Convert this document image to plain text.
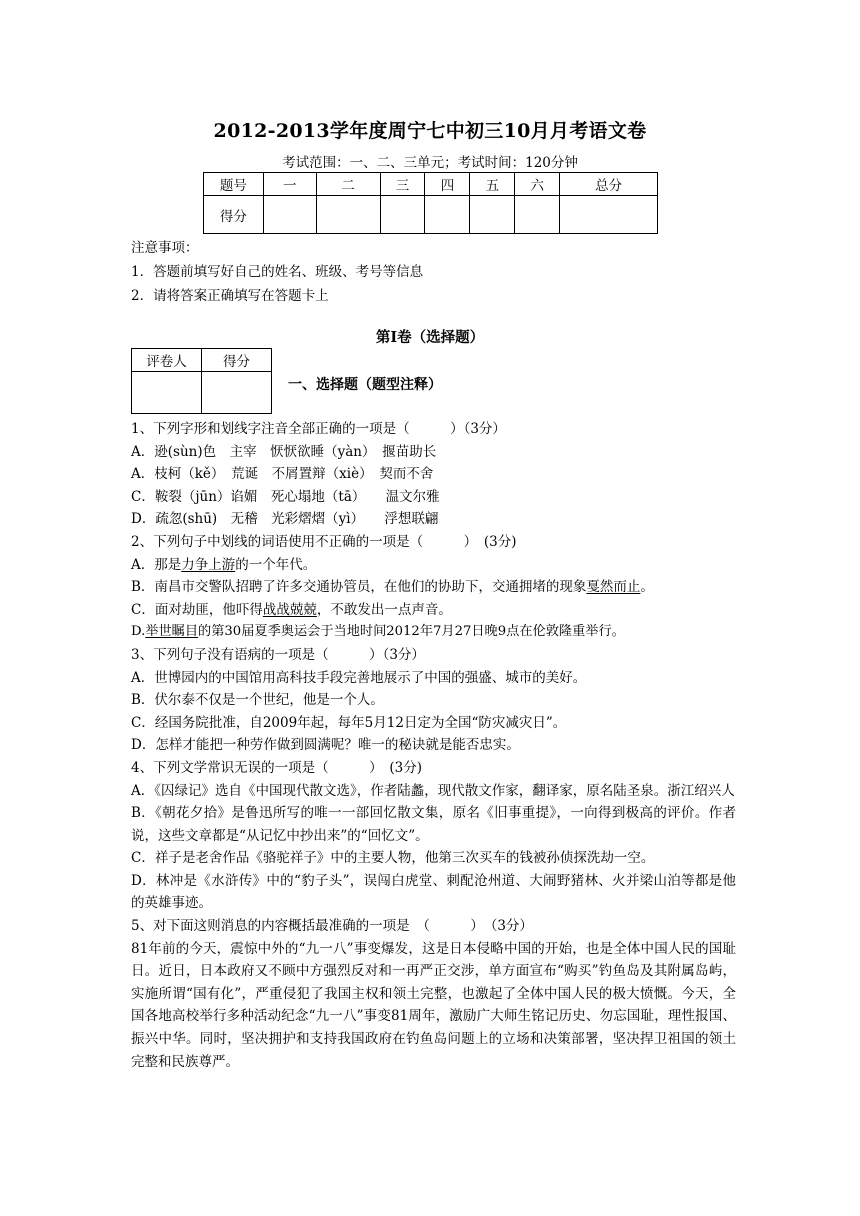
2012-2013学年度周宁七中初三10月月考语文卷
考试范围：一、二、三单元；考试时间：120分钟
题号	一	二	三	四	五	六	总分
得分							
注意事项：
1．答题前填写好自己的姓名、班级、考号等信息
2．请将答案正确填写在答题卡上
第I卷（选择题）
评卷人	得分

一、选择题（题型注释）
1、下列字形和划线字注音全部正确的一项是（　　　）（3分）
A．逊(sùn)色　主宰　恹恹欲睡（yàn）　揠苗助长
A．枝柯（kě）　荒诞　不屑置辩（xiè）　契而不舍
C．鞍裂（jūn）谄媚　死心塌地（tā）　　温文尔雅
D．疏忽(shū)　无稽　光彩熠熠（yì）　　浮想联翩
2、下列句子中划线的词语使用不正确的一项是（　　　）　(3分)
A．那是力争上游的一个年代。
B．南昌市交警队招聘了许多交通协管员，在他们的协助下，交通拥堵的现象戛然而止。
C．面对劫匪，他吓得战战兢兢，不敢发出一点声音。
D.举世瞩目的第30届夏季奥运会于当地时间2012年7月27日晚9点在伦敦隆重举行。
3、下列句子没有语病的一项是（　　　）（3分）
A．世博园内的中国馆用高科技手段完善地展示了中国的强盛、城市的美好。
B．伏尔泰不仅是一个世纪，他是一个人。
C．经国务院批准，自2009年起，每年5月12日定为全国“防灾减灾日”。
D．怎样才能把一种劳作做到圆满呢？唯一的秘诀就是能否忠实。
4、下列文学常识无误的一项是（　　　）　(3分)
A．《囚绿记》选自《中国现代散文选》，作者陆蠡，现代散文作家，翻译家，原名陆圣泉。浙江绍兴人
B．《朝花夕拾》是鲁迅所写的唯一一部回忆散文集，原名《旧事重提》，一向得到极高的评价。作者说，这些文章都是“从记忆中抄出来”的“回忆文”。
C．祥子是老舍作品《骆驼祥子》中的主要人物，他第三次买车的钱被孙侦探洗劫一空。
D．林冲是《水浒传》中的“豹子头”，误闯白虎堂、刺配沧州道、大闹野猪林、火并梁山泊等都是他的英雄事迹。
5、对下面这则消息的内容概括最准确的一项是　（　　　）　（3分）
81年前的今天，震惊中外的“九一八”事变爆发，这是日本侵略中国的开始，也是全体中国人民的国耻日。近日，日本政府又不顾中方强烈反对和一再严正交涉，单方面宣布“购买”钓鱼岛及其附属岛屿，实施所谓“国有化”，严重侵犯了我国主权和领土完整，也激起了全体中国人民的极大愤慨。今天，全国各地高校举行多种活动纪念“九一八”事变81周年，激励广大师生铭记历史、勿忘国耻，理性报国、振兴中华。同时，坚决拥护和支持我国政府在钓鱼岛问题上的立场和决策部署，坚决捍卫祖国的领土完整和民族尊严。
